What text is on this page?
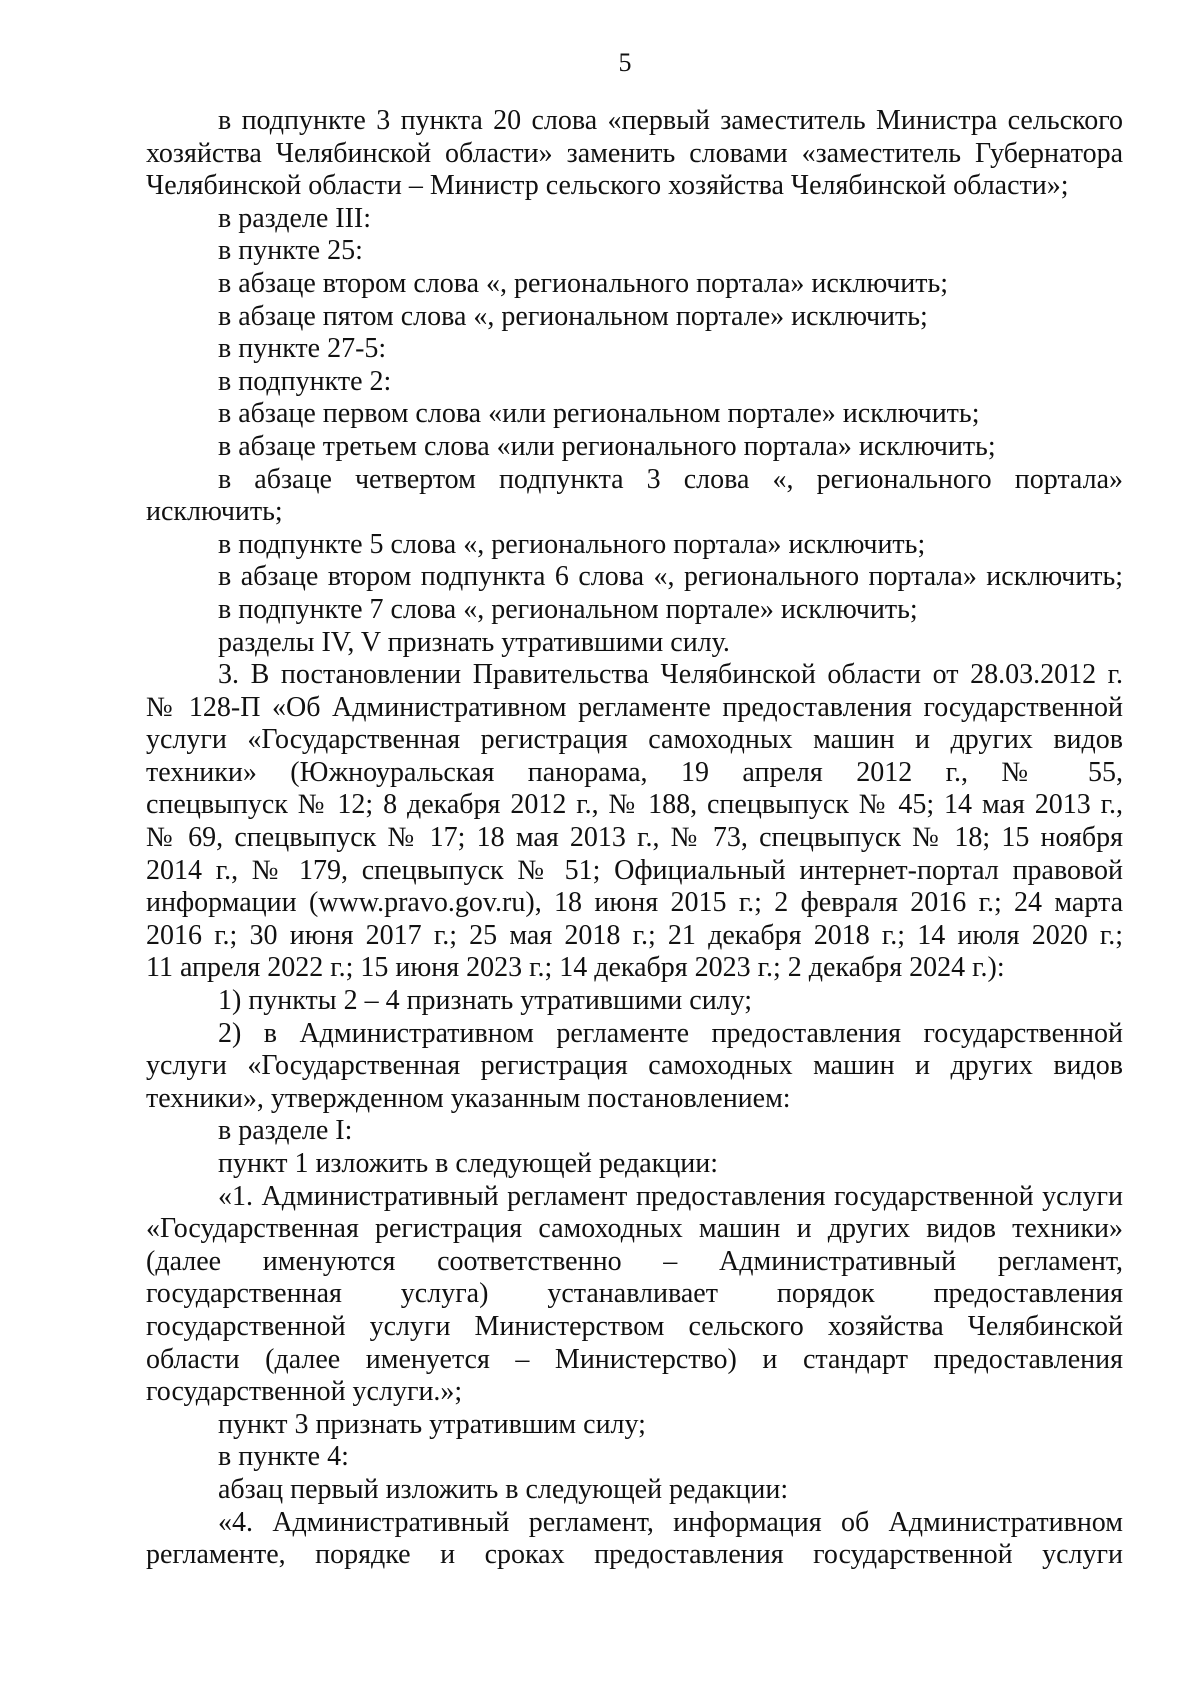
5
в подпункте 3 пункта 20 слова «первый заместитель Министра сельского
хозяйства Челябинской области» заменить словами «заместитель Губернатора
Челябинской области – Министр сельского хозяйства Челябинской области»;
в разделе III:
в пункте 25:
в абзаце втором слова «, регионального портала» исключить;
в абзаце пятом слова «, региональном портале» исключить;
в пункте 27-5:
в подпункте 2:
в абзаце первом слова «или региональном портале» исключить;
в абзаце третьем слова «или регионального портала» исключить;
в абзаце четвертом подпункта 3 слова «, регионального портала»
исключить;
в подпункте 5 слова «, регионального портала» исключить;
в абзаце втором подпункта 6 слова «, регионального портала» исключить;
в подпункте 7 слова «, региональном портале» исключить;
разделы IV, V признать утратившими силу.
3. В постановлении Правительства Челябинской области от 28.03.2012 г.
№ 128-П «Об Административном регламенте предоставления государственной
услуги «Государственная регистрация самоходных машин и других видов
техники» (Южноуральская панорама, 19 апреля 2012 г., № 55,
спецвыпуск № 12; 8 декабря 2012 г., № 188, спецвыпуск № 45; 14 мая 2013 г.,
№ 69, спецвыпуск № 17; 18 мая 2013 г., № 73, спецвыпуск № 18; 15 ноября
2014 г., № 179, спецвыпуск № 51; Официальный интернет-портал правовой
информации (www.pravo.gov.ru), 18 июня 2015 г.; 2 февраля 2016 г.; 24 марта
2016 г.; 30 июня 2017 г.; 25 мая 2018 г.; 21 декабря 2018 г.; 14 июля 2020 г.;
11 апреля 2022 г.; 15 июня 2023 г.; 14 декабря 2023 г.; 2 декабря 2024 г.):
1) пункты 2 – 4 признать утратившими силу;
2) в Административном регламенте предоставления государственной
услуги «Государственная регистрация самоходных машин и других видов
техники», утвержденном указанным постановлением:
в разделе I:
пункт 1 изложить в следующей редакции:
«1. Административный регламент предоставления государственной услуги
«Государственная регистрация самоходных машин и других видов техники»
(далее именуются соответственно – Административный регламент,
государственная услуга) устанавливает порядок предоставления
государственной услуги Министерством сельского хозяйства Челябинской
области (далее именуется – Министерство) и стандарт предоставления
государственной услуги.»;
пункт 3 признать утратившим силу;
в пункте 4:
абзац первый изложить в следующей редакции:
«4. Административный регламент, информация об Административном
регламенте, порядке и сроках предоставления государственной услуги
